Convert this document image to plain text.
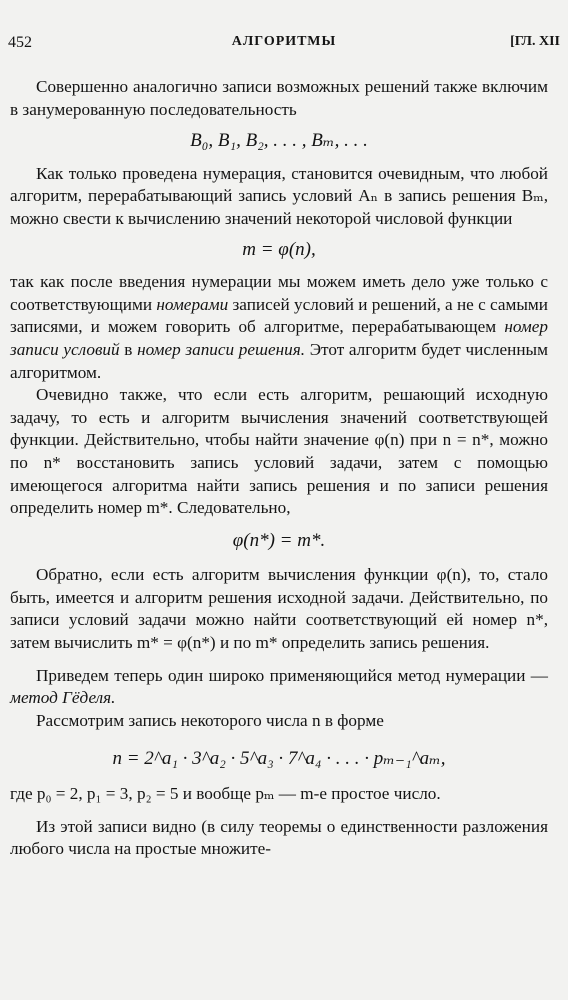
452	АЛГОРИТМЫ	[ГЛ. XII

Совершенно аналогично записи возможных решений также включим в занумерованную последовательность

B₀, B₁, B₂, . . . , Bₘ, . . .

Как только проведена нумерация, становится очевидным, что любой алгоритм, перерабатывающий запись условий Aₙ в запись решения Bₘ, можно свести к вычислению значений некоторой числовой функции

m = φ(n),

так как после введения нумерации мы можем иметь дело уже только с соответствующими номерами записей условий и решений, а не с самыми записями, и можем говорить об алгоритме, перерабатывающем номер записи условий в номер записи решения. Этот алгоритм будет численным алгоритмом.

Очевидно также, что если есть алгоритм, решающий исходную задачу, то есть и алгоритм вычисления значений соответствующей функции. Действительно, чтобы найти значение φ(n) при n = n*, можно по n* восстановить запись условий задачи, затем с помощью имеющегося алгоритма найти запись решения и по записи решения определить номер m*. Следовательно,

φ(n*) = m*.

Обратно, если есть алгоритм вычисления функции φ(n), то, стало быть, имеется и алгоритм решения исходной задачи. Действительно, по записи условий задачи можно найти соответствующий ей номер n*, затем вычислить m* = φ(n*) и по m* определить запись решения.

Приведем теперь один широко применяющийся метод нумерации — метод Гёделя.

Рассмотрим запись некоторого числа n в форме

n = 2^a₁ · 3^a₂ · 5^a₃ · 7^a₄ · . . . · pₘ₋₁^aₘ,

где p₀ = 2, p₁ = 3, p₂ = 5 и вообще pₘ — m-е простое число.

Из этой записи видно (в силу теоремы о единственности разложения любого числа на простые множите-
